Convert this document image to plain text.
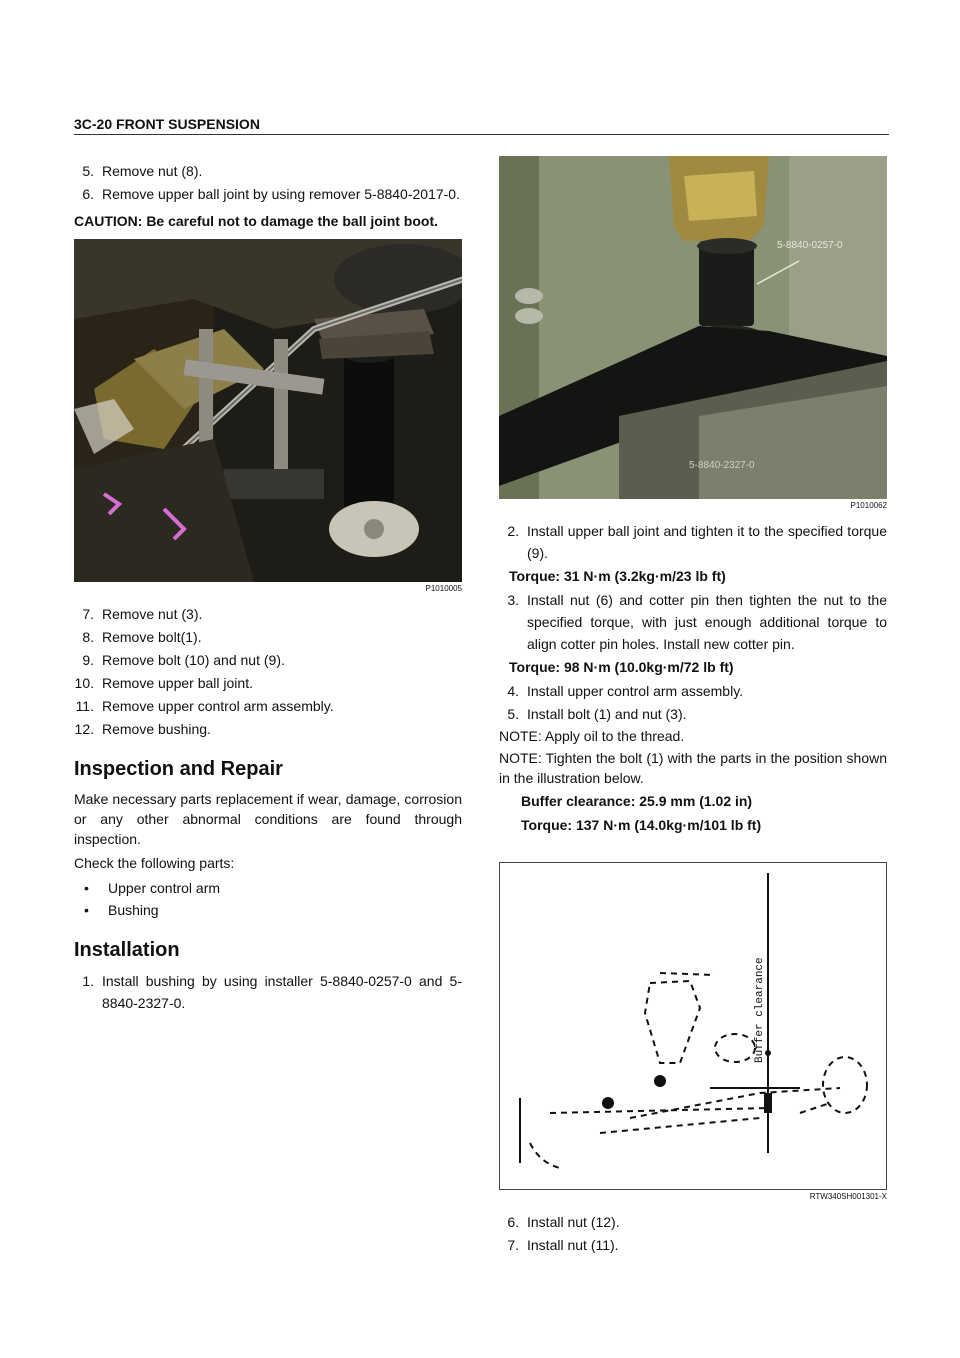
3C-20 FRONT SUSPENSION
5. Remove nut (8).
6. Remove upper ball joint by using remover 5-8840-2017-0.
CAUTION: Be careful not to damage the ball joint boot.
P1010005
7. Remove nut (3).
8. Remove bolt(1).
9. Remove bolt (10) and nut (9).
10. Remove upper ball joint.
11. Remove upper control arm assembly.
12. Remove bushing.
Inspection and Repair

Make necessary parts replacement if wear, damage, corrosion or any other abnormal conditions are found through inspection.

Check the following parts:

•	Upper control arm
•	Bushing
Installation
1. Install bushing by using installer 5-8840-0257-0 and 5-8840-2327-0.
5-8840-0257-0
5-8840-2327-0
P1010062
2. Install upper ball joint and tighten it to the specified torque (9).
Torque: 31 N·m (3.2kg·m/23 lb ft)
3. Install nut (6) and cotter pin then tighten the nut to the specified torque, with just enough additional torque to align cotter pin holes. Install new cotter pin.
Torque: 98 N·m (10.0kg·m/72 lb ft)
4. Install upper control arm assembly.
5. Install bolt (1) and nut (3).
NOTE: Apply oil to the thread.
NOTE: Tighten the bolt (1) with the parts in the position shown in the illustration below.
Buffer clearance: 25.9 mm (1.02 in)
Torque: 137 N·m (14.0kg·m/101 lb ft)
Buffer clearance
RTW340SH001301-X
6. Install nut (12).
7. Install nut (11).
